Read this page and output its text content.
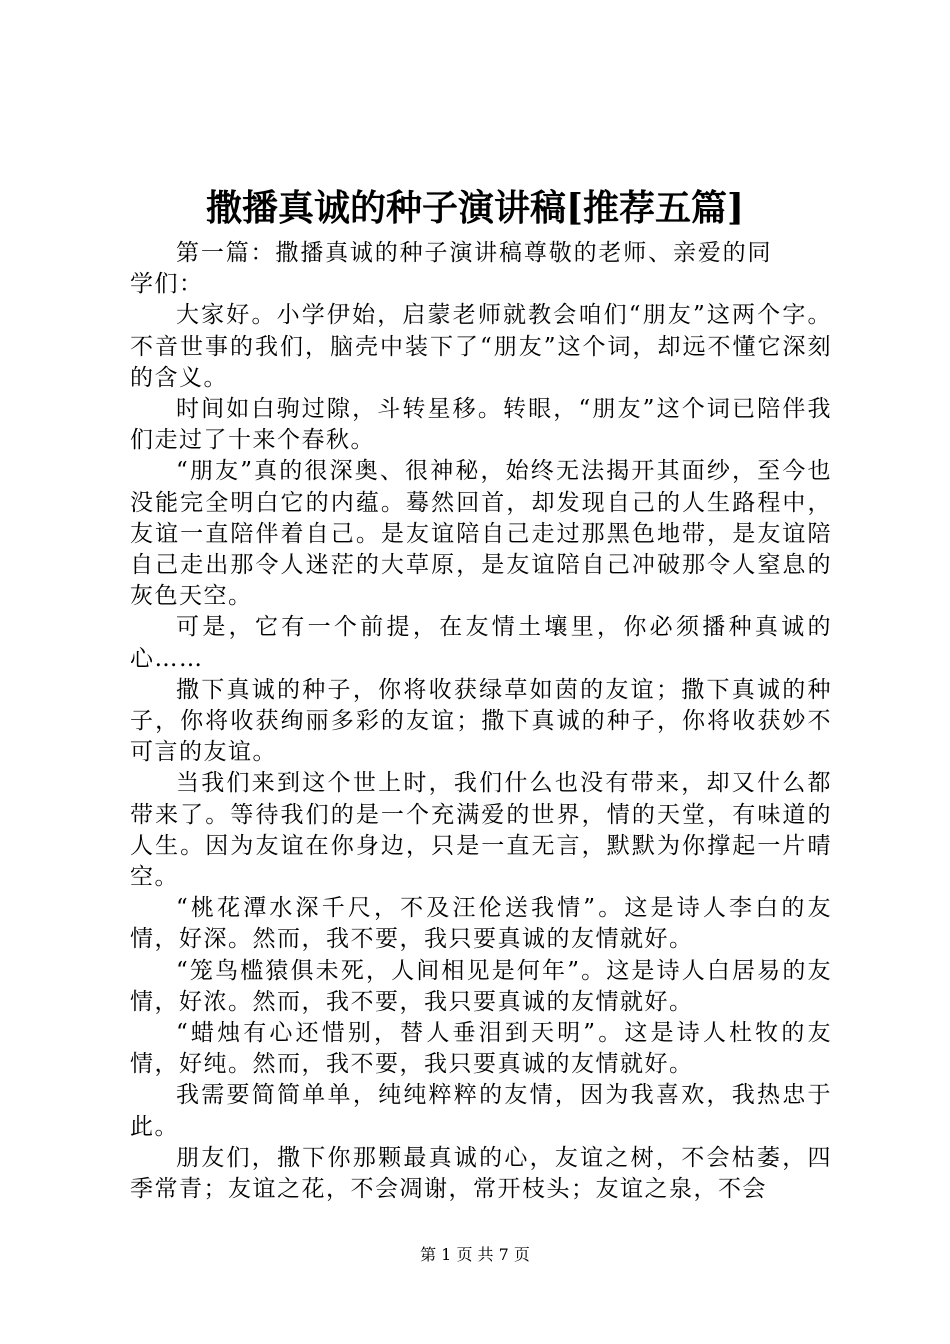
撒播真诚的种子演讲稿[推荐五篇]

第一篇：撒播真诚的种子演讲稿尊敬的老师、亲爱的同学们：

大家好。小学伊始，启蒙老师就教会咱们“朋友”这两个字。不音世事的我们，脑壳中装下了“朋友”这个词，却远不懂它深刻的含义。

时间如白驹过隙，斗转星移。转眼，“朋友”这个词已陪伴我们走过了十来个春秋。

“朋友”真的很深奥、很神秘，始终无法揭开其面纱，至今也没能完全明白它的内蕴。蓦然回首，却发现自己的人生路程中，友谊一直陪伴着自己。是友谊陪自己走过那黑色地带，是友谊陪自己走出那令人迷茫的大草原，是友谊陪自己冲破那令人窒息的灰色天空。

可是，它有一个前提，在友情土壤里，你必须播种真诚的心……

撒下真诚的种子，你将收获绿草如茵的友谊；撒下真诚的种子，你将收获绚丽多彩的友谊；撒下真诚的种子，你将收获妙不可言的友谊。

当我们来到这个世上时，我们什么也没有带来，却又什么都带来了。等待我们的是一个充满爱的世界，情的天堂，有味道的人生。因为友谊在你身边，只是一直无言，默默为你撑起一片晴空。

“桃花潭水深千尺，不及汪伦送我情”。这是诗人李白的友情，好深。然而，我不要，我只要真诚的友情就好。

“笼鸟槛猿俱未死，人间相见是何年”。这是诗人白居易的友情，好浓。然而，我不要，我只要真诚的友情就好。

“蜡烛有心还惜别，替人垂泪到天明”。这是诗人杜牧的友情，好纯。然而，我不要，我只要真诚的友情就好。

我需要简简单单，纯纯粹粹的友情，因为我喜欢，我热忠于此。

朋友们，撒下你那颗最真诚的心，友谊之树，不会枯萎，四季常青；友谊之花，不会凋谢，常开枝头；友谊之泉，不会

第 1 页 共 7 页
